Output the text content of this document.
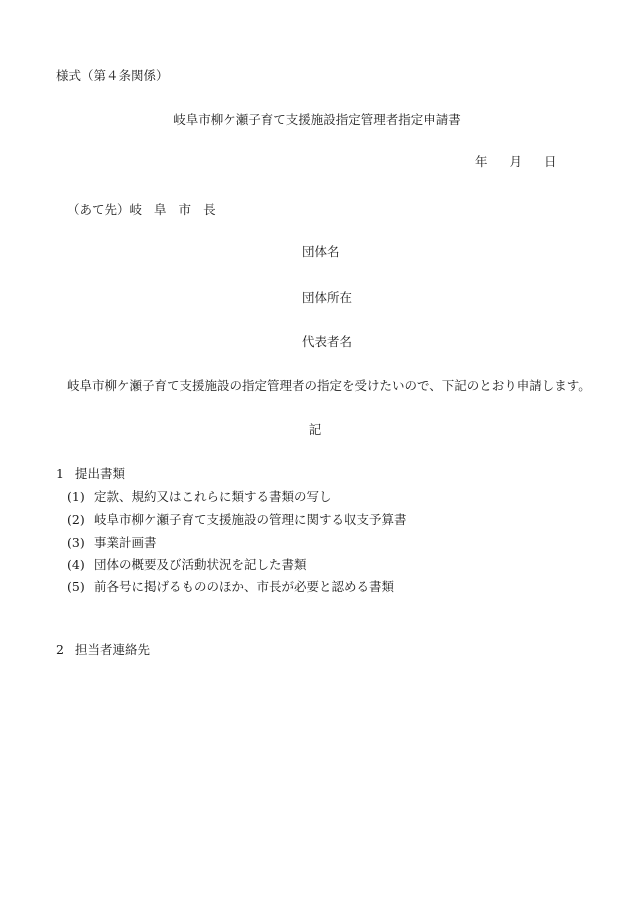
様式（第４条関係）
岐阜市柳ケ瀬子育て支援施設指定管理者指定申請書
年 月 日
（あて先）岐 阜 市 長
団体名
団体所在
代表者名
岐阜市柳ケ瀬子育て支援施設の指定管理者の指定を受けたいので、下記のとおり申請します。
記
1 提出書類
(1) 定款、規約又はこれらに類する書類の写し
(2) 岐阜市柳ケ瀬子育て支援施設の管理に関する収支予算書
(3) 事業計画書
(4) 団体の概要及び活動状況を記した書類
(5) 前各号に掲げるもののほか、市長が必要と認める書類
2 担当者連絡先
